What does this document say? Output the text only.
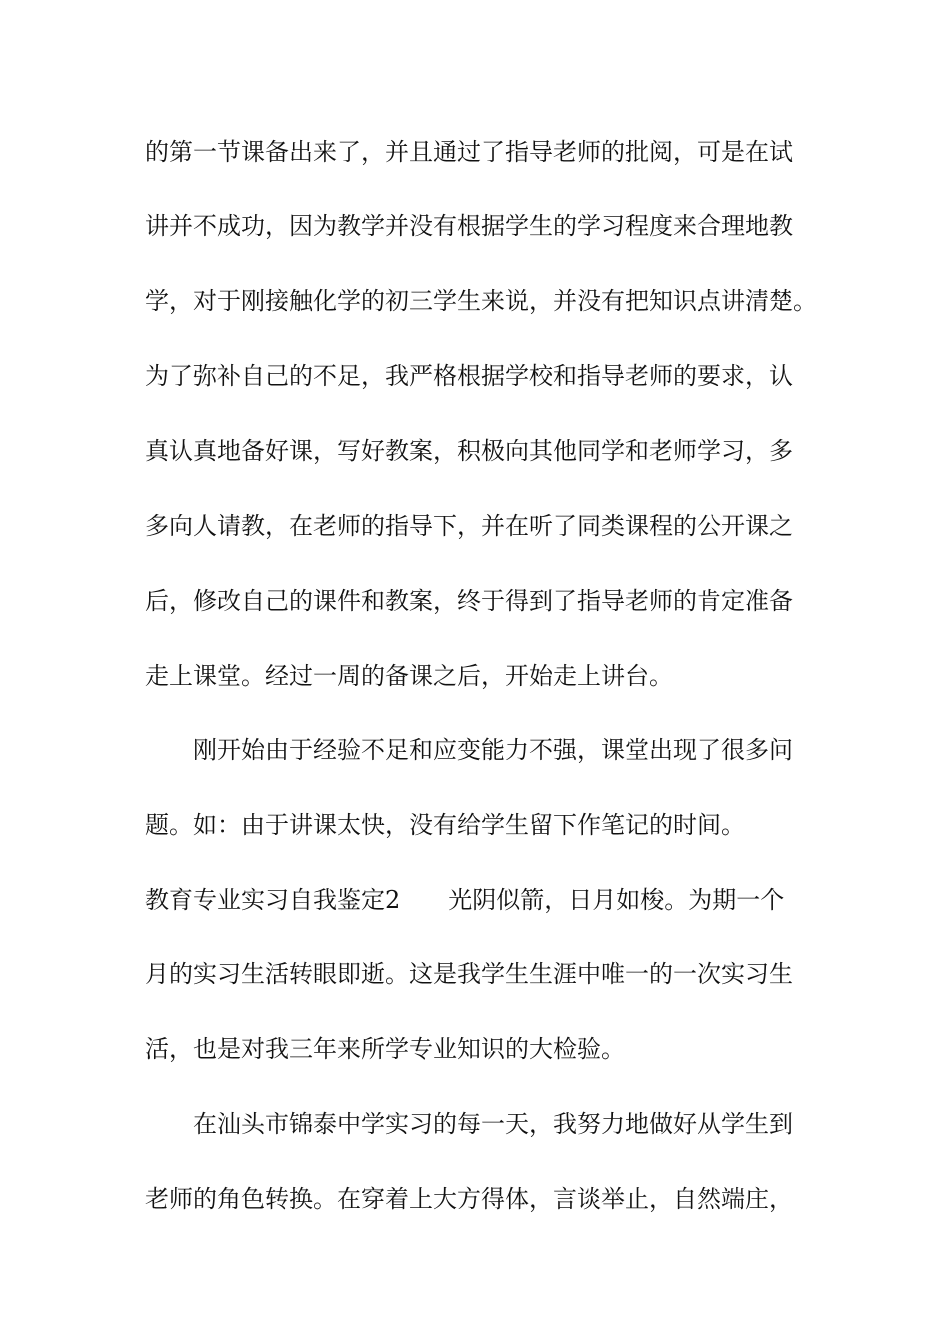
的第一节课备出来了，并且通过了指导老师的批阅，可是在试
讲并不成功，因为教学并没有根据学生的学习程度来合理地教
学，对于刚接触化学的初三学生来说，并没有把知识点讲清楚。
为了弥补自己的不足，我严格根据学校和指导老师的要求，认
真认真地备好课，写好教案，积极向其他同学和老师学习，多
多向人请教，在老师的指导下，并在听了同类课程的公开课之
后，修改自己的课件和教案，终于得到了指导老师的肯定准备
走上课堂。经过一周的备课之后，开始走上讲台。
刚开始由于经验不足和应变能力不强，课堂出现了很多问
题。如：由于讲课太快，没有给学生留下作笔记的时间。
教育专业实习自我鉴定2　　光阴似箭，日月如梭。为期一个
月的实习生活转眼即逝。这是我学生生涯中唯一的一次实习生
活，也是对我三年来所学专业知识的大检验。
在汕头市锦泰中学实习的每一天，我努力地做好从学生到
老师的角色转换。在穿着上大方得体，言谈举止，自然端庄，
